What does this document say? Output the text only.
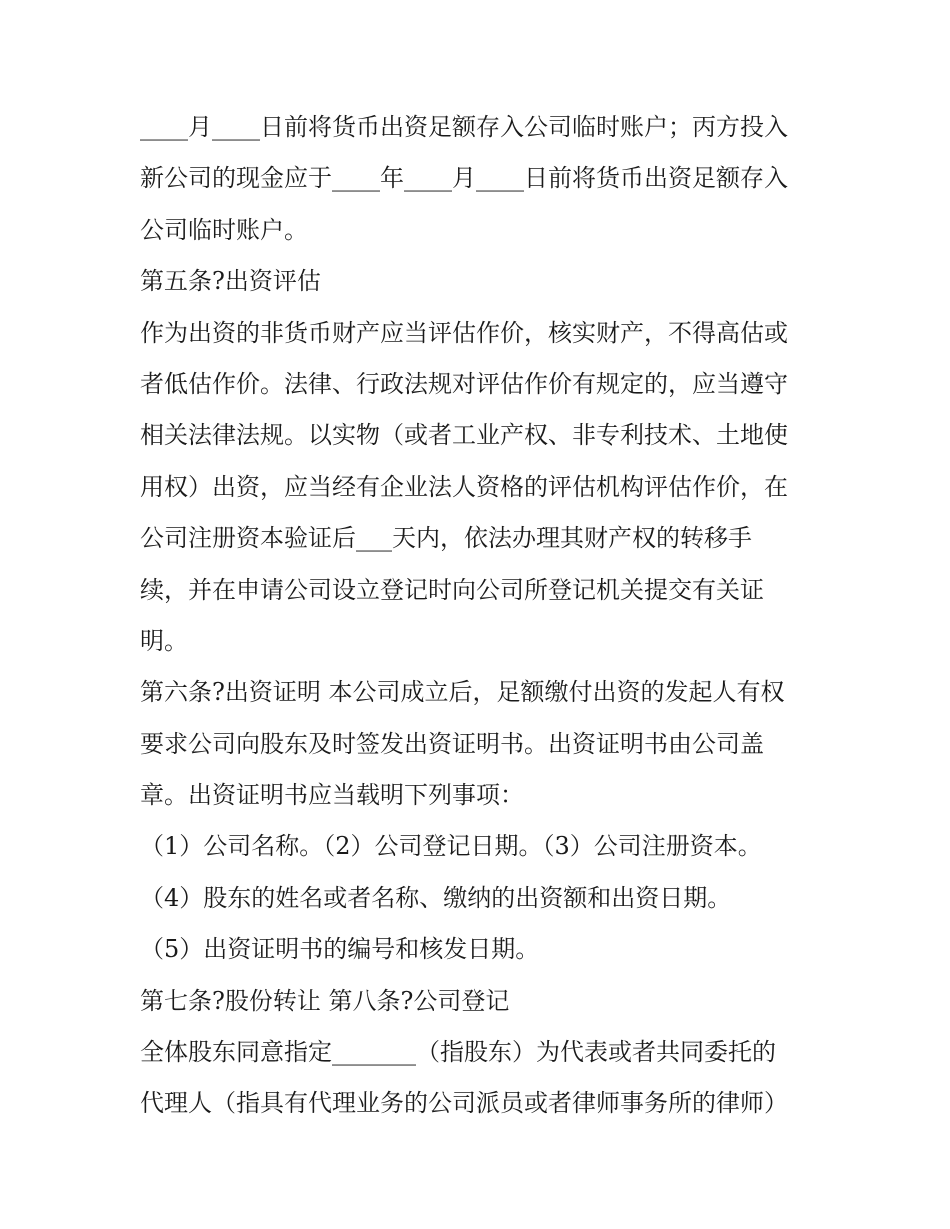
____月____日前将货币出资足额存入公司临时账户；丙方投入
新公司的现金应于____年____月____日前将货币出资足额存入
公司临时账户。
第五条?出资评估
作为出资的非货币财产应当评估作价，核实财产，不得高估或
者低估作价。法律、行政法规对评估作价有规定的，应当遵守
相关法律法规。以实物（或者工业产权、非专利技术、土地使
用权）出资，应当经有企业法人资格的评估机构评估作价，在
公司注册资本验证后___天内，依法办理其财产权的转移手
续，并在申请公司设立登记时向公司所登记机关提交有关证
明。
第六条?出资证明 本公司成立后，足额缴付出资的发起人有权
要求公司向股东及时签发出资证明书。出资证明书由公司盖
章。出资证明书应当载明下列事项：
（1）公司名称。（2）公司登记日期。（3）公司注册资本。
（4）股东的姓名或者名称、缴纳的出资额和出资日期。
（5）出资证明书的编号和核发日期。
第七条?股份转让 第八条?公司登记
全体股东同意指定_______（指股东）为代表或者共同委托的
代理人（指具有代理业务的公司派员或者律师事务所的律师）
